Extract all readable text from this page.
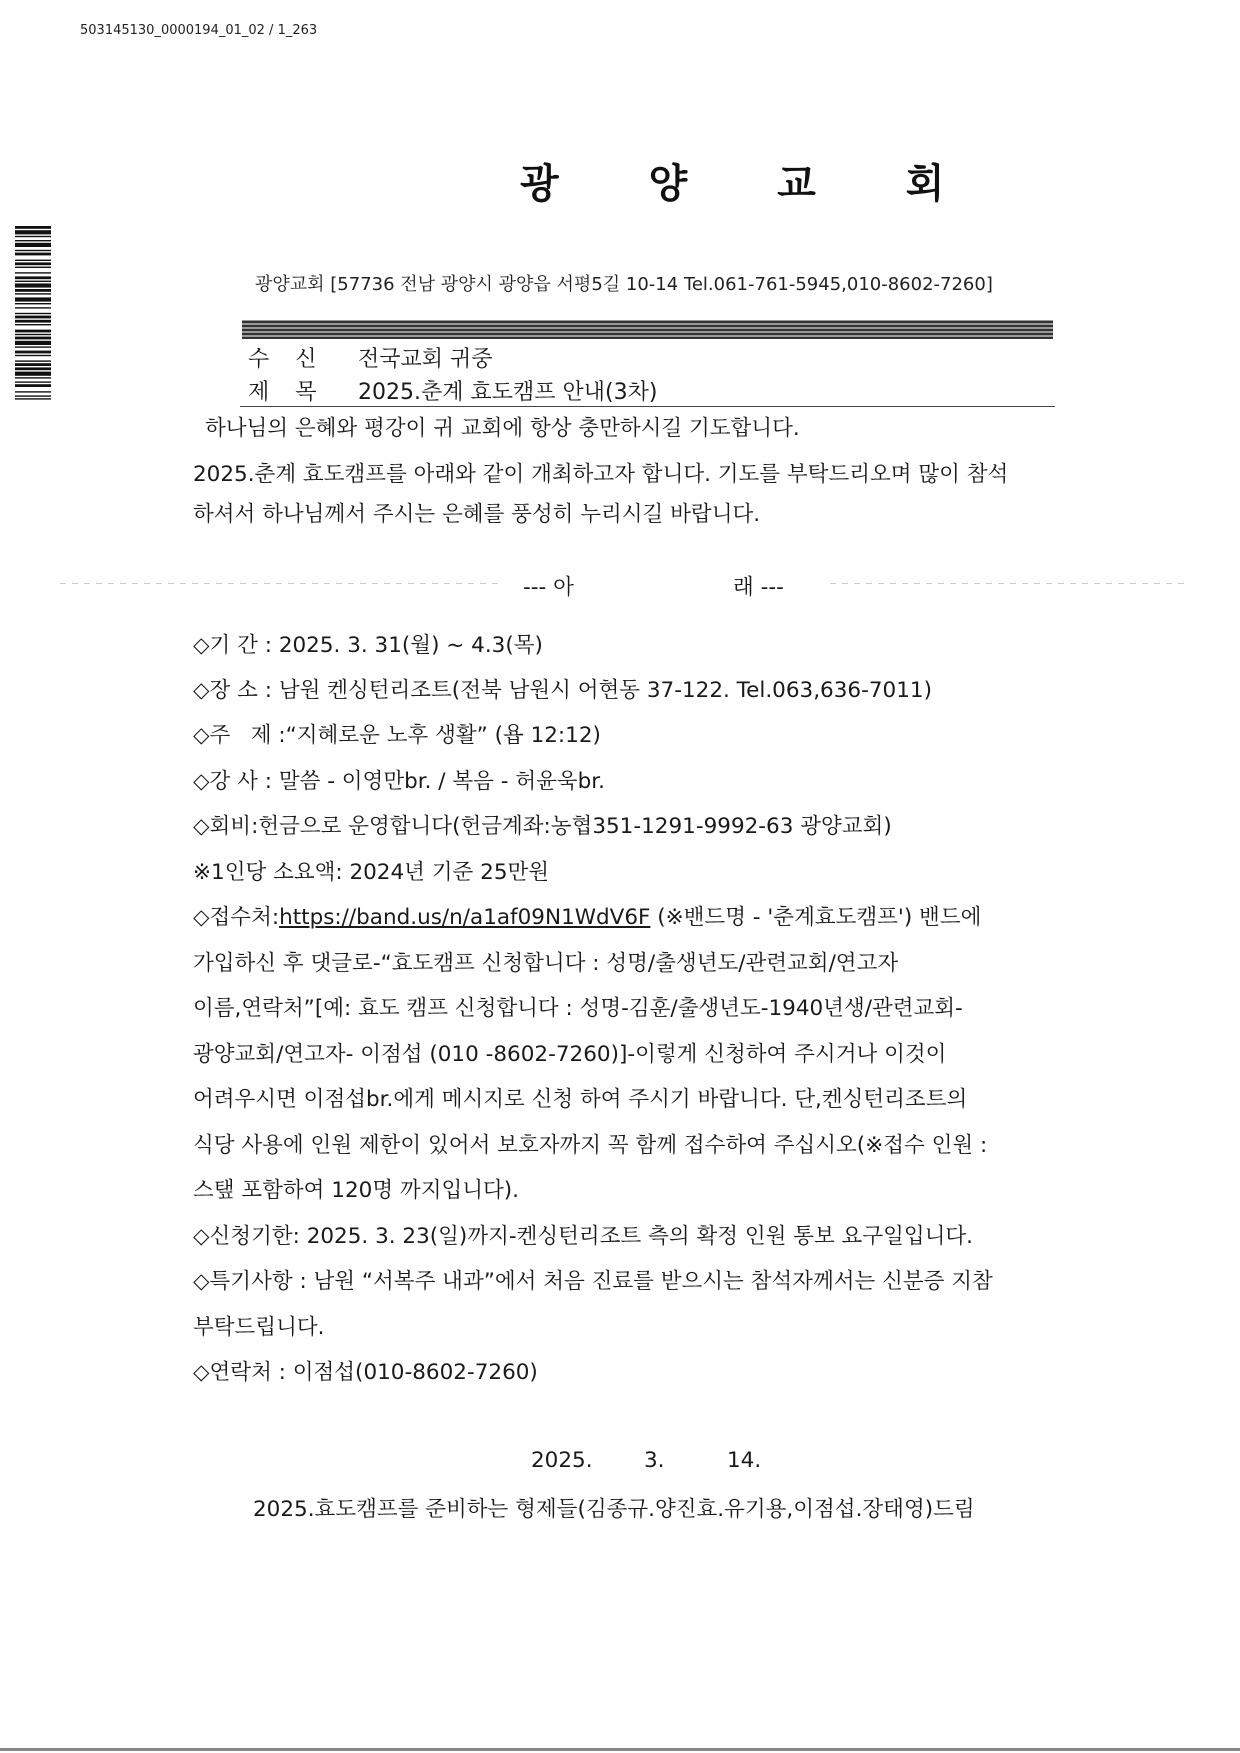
503145130_0000194_01_02 / 1_263
광 양 교 회
광양교회 [57736 전남 광양시 광양읍 서평5길 10-14 Tel.061-761-5945,010-8602-7260]
수신 전국교회 귀중
제목 2025.춘계 효도캠프 안내(3차)
하나님의 은혜와 평강이 귀 교회에 항상 충만하시길 기도합니다.
2025.춘계 효도캠프를 아래와 같이 개최하고자 합니다. 기도를 부탁드리오며 많이 참석
하셔서 하나님께서 주시는 은혜를 풍성히 누리시길 바랍니다.
--- 아	래 ---
◇기 간 : 2025. 3. 31(월) ~ 4.3(목)
◇장 소 : 남원 켄싱턴리조트(전북 남원시 어현동 37-122. Tel.063,636-7011)
◇주   제 :“지혜로운 노후 생활” (욥 12:12)
◇강 사 : 말씀 - 이영만br. / 복음 - 허윤욱br.
◇회비:헌금으로 운영합니다(헌금계좌:농협351-1291-9992-63 광양교회)
※1인당 소요액: 2024년 기준 25만원
◇접수처:https://band.us/n/a1af09N1WdV6F (※밴드명 - '춘계효도캠프') 밴드에
가입하신 후 댓글로-“효도캠프 신청합니다 : 성명/출생년도/관련교회/연고자
이름,연락처”[예: 효도 캠프 신청합니다 : 성명-김훈/출생년도-1940년생/관련교회-
광양교회/연고자- 이점섭 (010 -8602-7260)]-이렇게 신청하여 주시거나 이것이
어려우시면 이점섭br.에게 메시지로 신청 하여 주시기 바랍니다. 단,켄싱턴리조트의
식당 사용에 인원 제한이 있어서 보호자까지 꼭 함께 접수하여 주십시오(※접수 인원 :
스탶 포함하여 120명 까지입니다).
◇신청기한: 2025. 3. 23(일)까지-켄싱턴리조트 측의 확정 인원 통보 요구일입니다.
◇특기사항 : 남원 “서복주 내과”에서 처음 진료를 받으시는 참석자께서는 신분증 지참
부탁드립니다.
◇연락처 : 이점섭(010-8602-7260)
2025. 3.	14.
2025.효도캠프를 준비하는 형제들(김종규.양진효.유기용,이점섭.장태영)드림
